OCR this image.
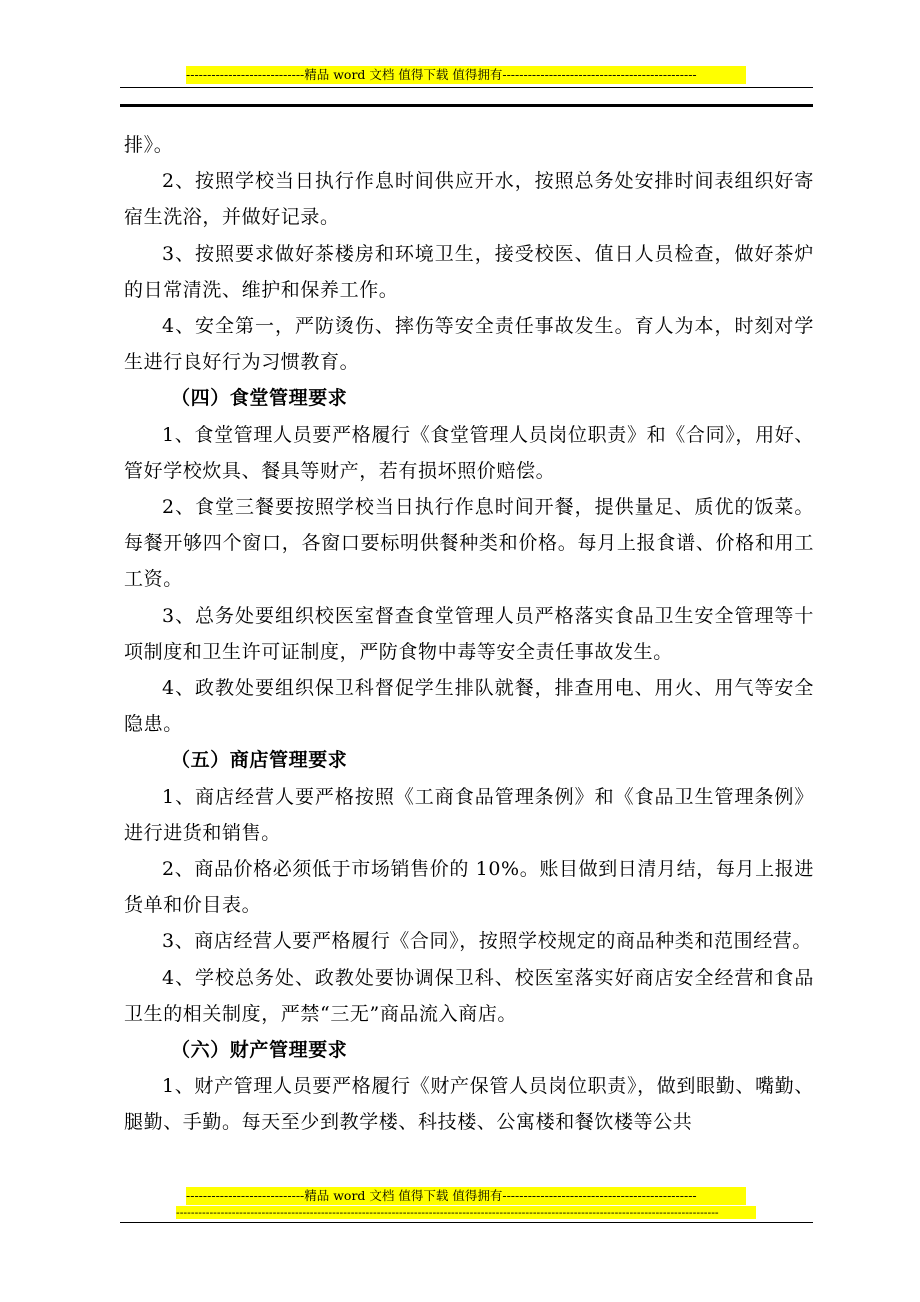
----------------------------精品 word 文档 值得下载 值得拥有----------------------------------------------

排》。

2、按照学校当日执行作息时间供应开水，按照总务处安排时间表组织好寄宿生洗浴，并做好记录。

3、按照要求做好茶楼房和环境卫生，接受校医、值日人员检查，做好茶炉的日常清洗、维护和保养工作。

4、安全第一，严防烫伤、摔伤等安全责任事故发生。育人为本，时刻对学生进行良好行为习惯教育。

（四）食堂管理要求

1、食堂管理人员要严格履行《食堂管理人员岗位职责》和《合同》，用好、管好学校炊具、餐具等财产，若有损坏照价赔偿。

2、食堂三餐要按照学校当日执行作息时间开餐，提供量足、质优的饭菜。每餐开够四个窗口，各窗口要标明供餐种类和价格。每月上报食谱、价格和用工工资。

3、总务处要组织校医室督查食堂管理人员严格落实食品卫生安全管理等十项制度和卫生许可证制度，严防食物中毒等安全责任事故发生。

4、政教处要组织保卫科督促学生排队就餐，排查用电、用火、用气等安全隐患。

（五）商店管理要求

1、商店经营人要严格按照《工商食品管理条例》和《食品卫生管理条例》进行进货和销售。

2、商品价格必须低于市场销售价的 10%。账目做到日清月结，每月上报进货单和价目表。

3、商店经营人要严格履行《合同》，按照学校规定的商品种类和范围经营。

4、学校总务处、政教处要协调保卫科、校医室落实好商店安全经营和食品卫生的相关制度，严禁“三无”商品流入商店。

（六）财产管理要求

1、财产管理人员要严格履行《财产保管人员岗位职责》，做到眼勤、嘴勤、腿勤、手勤。每天至少到教学楼、科技楼、公寓楼和餐饮楼等公共

----------------------------精品 word 文档 值得下载 值得拥有----------------------------------------------
--------------------------------------------------------------------------------------------------------------------------------------------------
